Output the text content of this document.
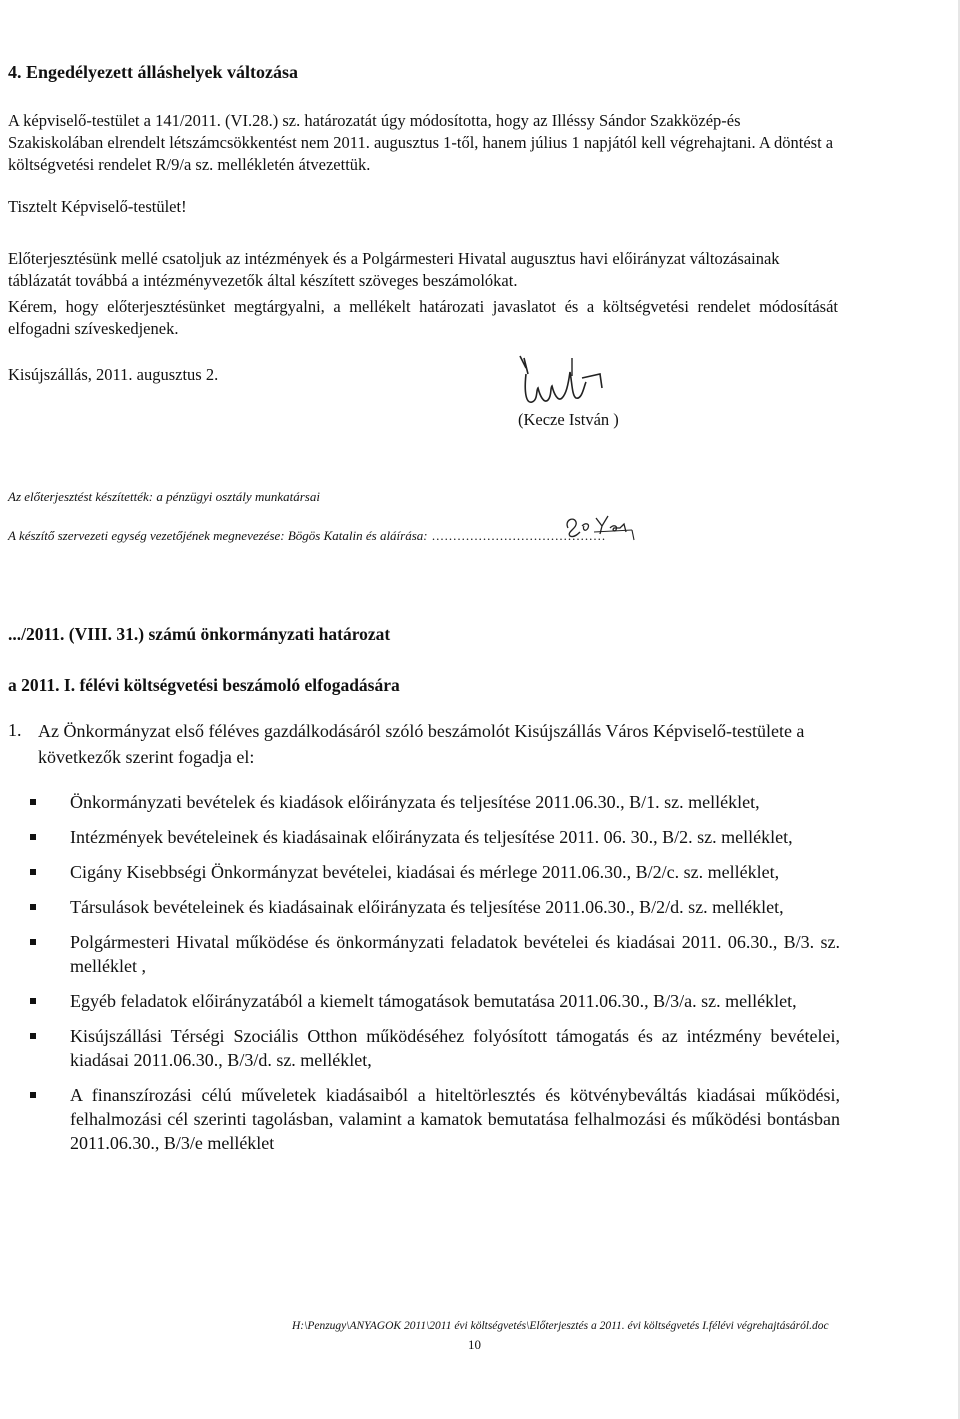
4. Engedélyezett álláshelyek változása

A képviselő-testület a 141/2011. (VI.28.) sz. határozatát úgy módosította, hogy az Illéssy Sándor Szakközép-és Szakiskolában elrendelt létszámcsökkentést nem 2011. augusztus 1-től, hanem július 1 napjától kell végrehajtani. A döntést a költségvetési rendelet R/9/a sz. mellékletén átvezettük.

Tisztelt Képviselő-testület!

Előterjesztésünk mellé csatoljuk az intézmények és a Polgármesteri Hivatal augusztus havi előirányzat változásainak táblázatát továbbá a intézményvezetők által készített szöveges beszámolókat.

Kérem, hogy előterjesztésünket megtárgyalni, a mellékelt határozati javaslatot és a költségvetési rendelet módosítását elfogadni szíveskedjenek.

Kisújszállás, 2011. augusztus 2.

(Kecze István )

Az előterjesztést készítették: a pénzügyi osztály munkatársai

A készítő szervezeti egység vezetőjének megnevezése: Bögös Katalin és aláírása: .........................................

.../2011. (VIII. 31.) számú önkormányzati határozat

a 2011. I. félévi költségvetési beszámoló elfogadására

1. Az Önkormányzat első féléves gazdálkodásáról szóló beszámolót Kisújszállás Város Képviselő-testülete a következők szerint fogadja el:

Önkormányzati bevételek és kiadások előirányzata és teljesítése 2011.06.30., B/1. sz. melléklet,
Intézmények bevételeinek és kiadásainak előirányzata és teljesítése 2011. 06. 30., B/2. sz. melléklet,
Cigány Kisebbségi Önkormányzat bevételei, kiadásai és mérlege 2011.06.30., B/2/c. sz. melléklet,
Társulások bevételeinek és kiadásainak előirányzata és teljesítése 2011.06.30., B/2/d. sz. melléklet,
Polgármesteri Hivatal működése és önkormányzati feladatok bevételei és kiadásai 2011. 06.30., B/3. sz. melléklet ,
Egyéb feladatok előirányzatából a kiemelt támogatások bemutatása 2011.06.30., B/3/a. sz. melléklet,
Kisújszállási Térségi Szociális Otthon működéséhez folyósított támogatás és az intézmény bevételei, kiadásai 2011.06.30., B/3/d. sz. melléklet,
A finanszírozási célú műveletek kiadásaiból a hiteltörlesztés és kötvénybeváltás kiadásai működési, felhalmozási cél szerinti tagolásban, valamint a kamatok bemutatása felhalmozási és működési bontásban 2011.06.30., B/3/e melléklet

H:\Penzugy\ANYAGOK 2011\2011 évi költségvetés\Előterjesztés a 2011. évi költségvetés I.félévi végrehajtásáról.doc

10
